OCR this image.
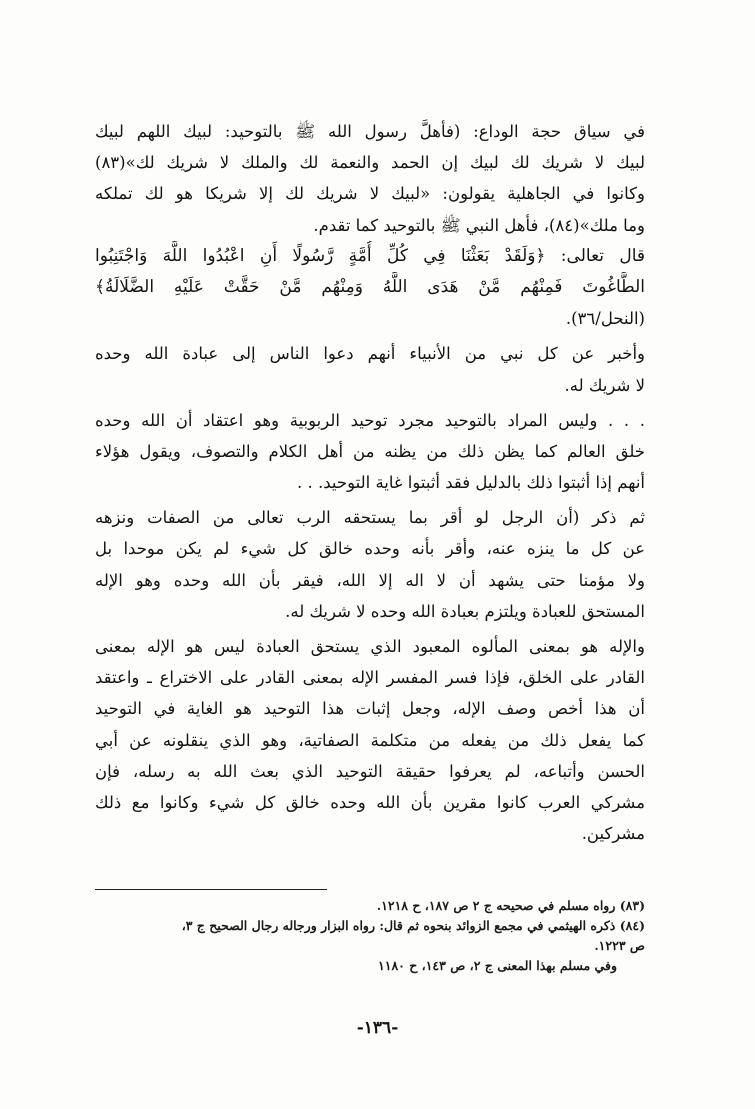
في سياق حجة الوداع: (فأهلَّ رسول الله ﷺ بالتوحيد: لبيك اللهم لبيك
لبيك لا شريك لك لبيك إن الحمد والنعمة لك والملك لا شريك لك»(٨٣)
وكانوا في الجاهلية يقولون: «لبيك لا شريك لك إلا شريكا هو لك تملكه
وما ملك»(٨٤)، فأهل النبي ﷺ بالتوحيد كما تقدم.
قال تعالى: ﴿وَلَقَدْ بَعَثْنَا فِي كُلِّ أُمَّةٍ رَّسُولًا أَنِ اعْبُدُوا اللَّهَ وَاجْتَنِبُوا
الطَّاغُوتَ فَمِنْهُم مَّنْ هَدَى اللَّهُ وَمِنْهُم مَّنْ حَقَّتْ عَلَيْهِ الضَّلَالَةُ﴾
(النحل/٣٦).
وأخبر عن كل نبي من الأنبياء أنهم دعوا الناس إلى عبادة الله وحده
لا شريك له.
. . . وليس المراد بالتوحيد مجرد توحيد الربوبية وهو اعتقاد أن الله وحده
خلق العالم كما يظن ذلك من يظنه من أهل الكلام والتصوف، ويقول هؤلاء
أنهم إذا أثبتوا ذلك بالدليل فقد أثبتوا غاية التوحيد. . .
ثم ذكر (أن الرجل لو أقر بما يستحقه الرب تعالى من الصفات ونزهه
عن كل ما ينزه عنه، وأقر بأنه وحده خالق كل شيء لم يكن موحدا بل
ولا مؤمنا حتى يشهد أن لا اله إلا الله، فيقر بأن الله وحده وهو الإله
المستحق للعبادة ويلتزم بعبادة الله وحده لا شريك له.
والإله هو بمعنى المألوه المعبود الذي يستحق العبادة ليس هو الإله بمعنى
القادر على الخلق، فإذا فسر المفسر الإله بمعنى القادر على الاختراع ـ واعتقد
أن هذا أخص وصف الإله، وجعل إثبات هذا التوحيد هو الغاية في التوحيد
كما يفعل ذلك من يفعله من متكلمة الصفاتية، وهو الذي ينقلونه عن أبي
الحسن وأتباعه، لم يعرفوا حقيقة التوحيد الذي بعث الله به رسله، فإن
مشركي العرب كانوا مقرين بأن الله وحده خالق كل شيء وكانوا مع ذلك
مشركين.
(٨٣) رواه مسلم في صحيحه ج ٢ ص ١٨٧، ح ١٢١٨.
(٨٤) ذكره الهيثمي في مجمع الزوائد بنحوه ثم قال: رواه البزار ورجاله رجال الصحيح ج ٣،
ص ١٢٢٣.
وفي مسلم بهذا المعنى ج ٢، ص ١٤٣، ح ١١٨٠
-١٣٦-
